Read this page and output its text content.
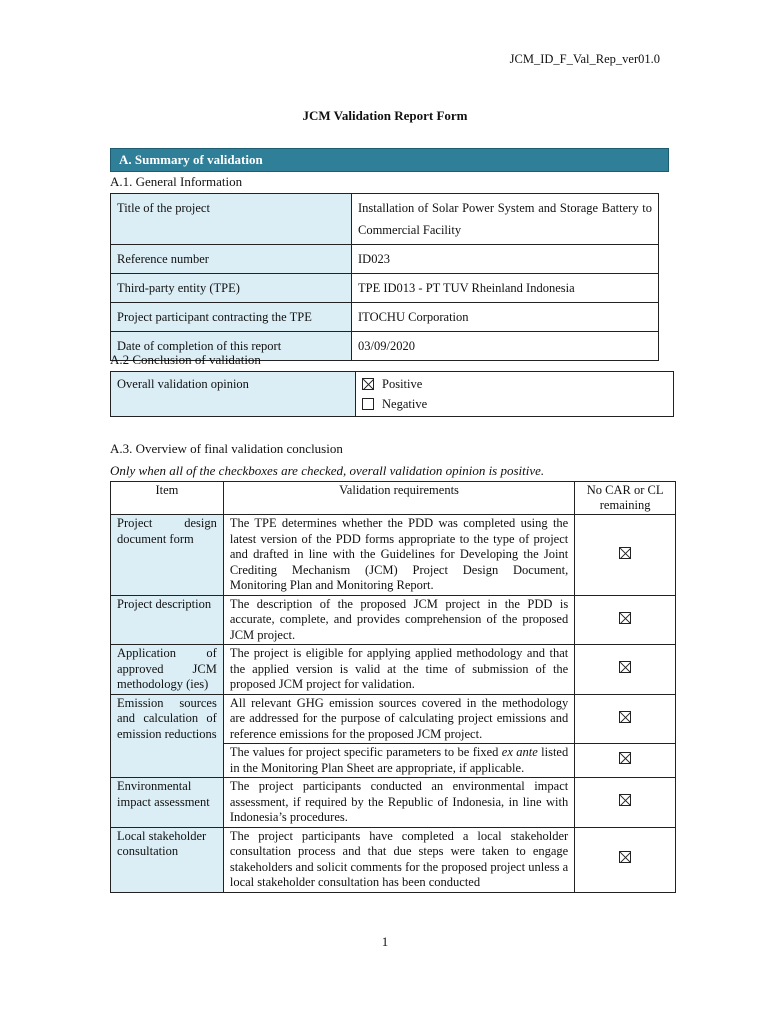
JCM_ID_F_Val_Rep_ver01.0
JCM Validation Report Form
A. Summary of validation
A.1. General Information
Title of the project	Installation of Solar Power System and Storage Battery to Commercial Facility
Reference number	ID023
Third-party entity (TPE)	TPE ID013 - PT TUV Rheinland Indonesia
Project participant contracting the TPE	ITOCHU Corporation
Date of completion of this report	03/09/2020
A.2 Conclusion of validation
Overall validation opinion	Positive
Negative
A.3. Overview of final validation conclusion
Only when all of the checkboxes are checked, overall validation opinion is positive.
Item	Validation requirements	No CAR or CL remaining
Project design document form	The TPE determines whether the PDD was completed using the latest version of the PDD forms appropriate to the type of project and drafted in line with the Guidelines for Developing the Joint Crediting Mechanism (JCM) Project Design Document, Monitoring Plan and Monitoring Report.	
Project description	The description of the proposed JCM project in the PDD is accurate, complete, and provides comprehension of the proposed JCM project.	
Application of approved JCM methodology (ies)	The project is eligible for applying applied methodology and that the applied version is valid at the time of submission of the proposed JCM project for validation.	
Emission sources and calculation of emission reductions	All relevant GHG emission sources covered in the methodology are addressed for the purpose of calculating project emissions and reference emissions for the proposed JCM project.	
	The values for project specific parameters to be fixed ex ante listed in the Monitoring Plan Sheet are appropriate, if applicable.	
Environmental impact assessment	The project participants conducted an environmental impact assessment, if required by the Republic of Indonesia, in line with Indonesia’s procedures.	
Local stakeholder consultation	The project participants have completed a local stakeholder consultation process and that due steps were taken to engage stakeholders and solicit comments for the proposed project unless a local stakeholder consultation has been conducted	
1
